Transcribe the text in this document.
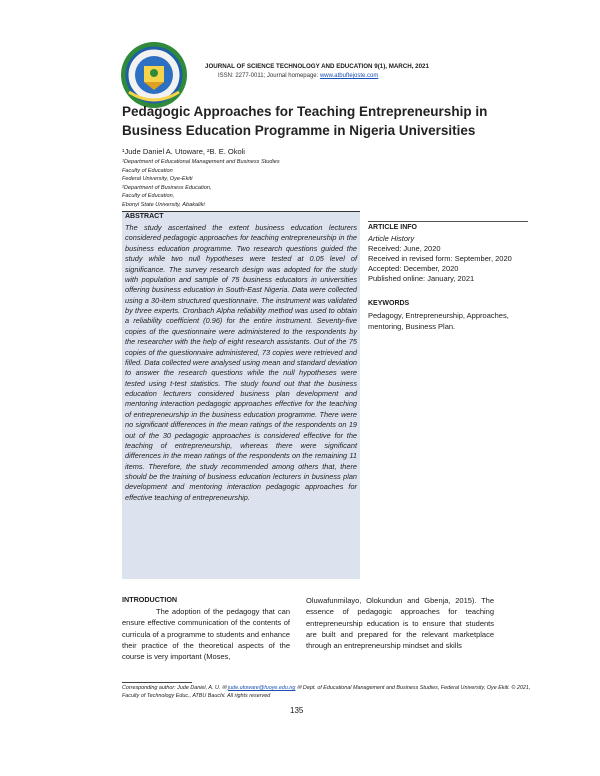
JOURNAL OF SCIENCE TECHNOLOGY AND EDUCATION 9(1), MARCH, 2021
ISSN: 2277-0011; Journal homepage: www.atbuftejoste.com
Pedagogic Approaches for Teaching Entrepreneurship in Business Education Programme in Nigeria Universities
¹Jude Daniel A. Utoware, ²B. E. Okoli
¹Department of Educational Management and Business Studies
Faculty of Education
Federal University, Oye-Ekiti
²Department of Business Education,
Faculty of Education,
Ebonyi State University, Abakaliki
ABSTRACT
The study ascertained the extent business education lecturers considered pedagogic approaches for teaching entrepreneurship in the business education programme. Two research questions guided the study while two null hypotheses were tested at 0.05 level of significance. The survey research design was adopted for the study with population and sample of 75 business educators in universities offering business education in South-East Nigeria. Data were collected using a 30-item structured questionnaire. The instrument was validated by three experts. Cronbach Alpha reliability method was used to obtain a reliability coefficient (0.96) for the entire instrument. Seventy-five copies of the questionnaire were administered to the respondents by the researcher with the help of eight research assistants. Out of the 75 copies of the questionnaire administered, 73 copies were retrieved and filled. Data collected were analysed using mean and standard deviation to answer the research questions while the null hypotheses were tested using t-test statistics. The study found out that the business education lecturers considered business plan development and mentoring interaction pedagogic approaches effective for the teaching of entrepreneurship in the business education programme. There were no significant differences in the mean ratings of the respondents on 19 out of the 30 pedagogic approaches is considered effective for the teaching of entrepreneurship, whereas there were significant differences in the mean ratings of the respondents on the remaining 11 items. Therefore, the study recommended among others that, there should be the training of business education lecturers in business plan development and mentoring interaction pedagogic approaches for effective teaching of entrepreneurship.
ARTICLE INFO
Article History
Received: June, 2020
Received in revised form: September, 2020
Accepted: December, 2020
Published online: January, 2021
KEYWORDS
Pedagogy, Entrepreneurship, Approaches, mentoring, Business Plan.
INTRODUCTION
The adoption of the pedagogy that can ensure effective communication of the contents of curricula of a programme to students and enhance their practice of the theoretical aspects of the course is very important (Moses,
Oluwafunmilayo, Olokundun and Gbenja, 2015). The essence of pedagogic approaches for teaching entrepreneurship education is to ensure that students are built and prepared for the relevant marketplace through an entrepreneurship mindset and skills
Corresponding author: Jude Daniel, A. U. ✉ jude.utoware@fuoye.edu.ng ✉ Dept. of Educational Management and Business Studies, Federal University, Oye Ekiti. © 2021, Faculty of Technology Educ., ATBU Bauchi. All rights reserved
135
